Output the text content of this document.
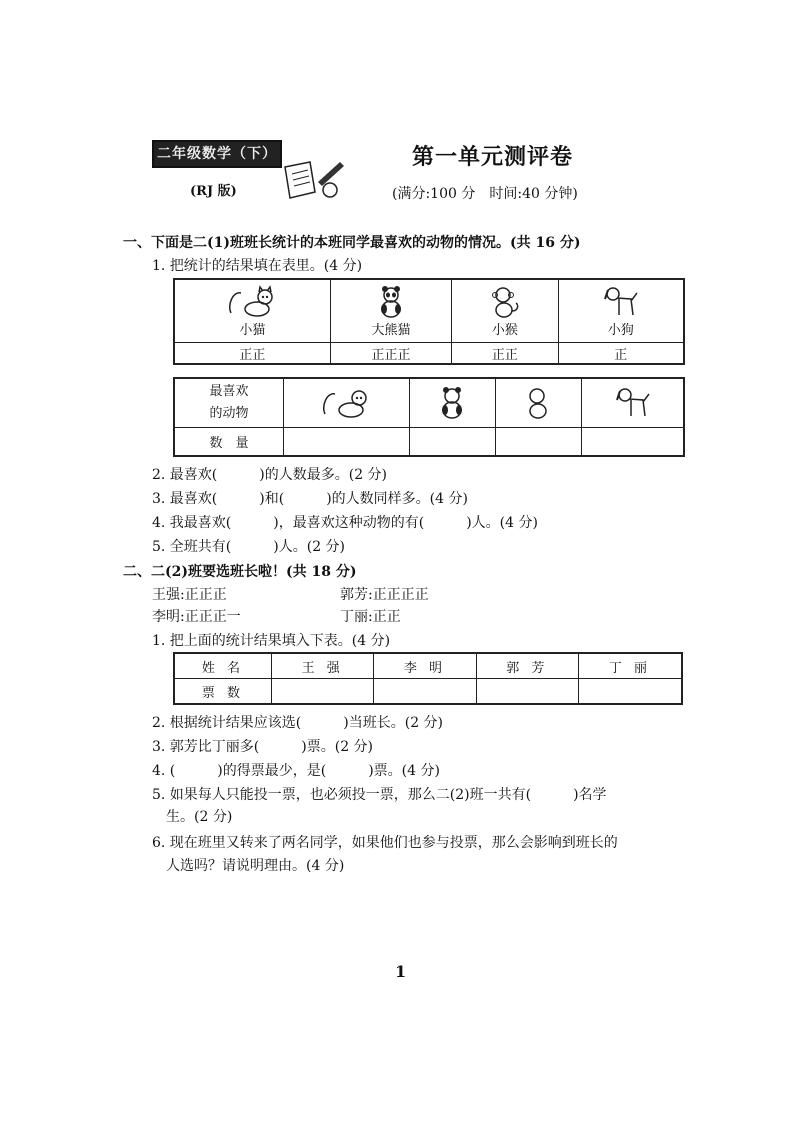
二年级数学（下）
(RJ 版)
第一单元测评卷
(满分:100 分　时间:40 分钟)
一、下面是二(1)班班长统计的本班同学最喜欢的动物的情况。(共 16 分)
1. 把统计的结果填在表里。(4 分)
小猫	大熊猫	小猴	小狗

正正	正正正	正正	正
最喜欢
的动物

数　量				
2. 最喜欢(　　　)的人数最多。(2 分)
3. 最喜欢(　　　)和(　　　)的人数同样多。(4 分)
4. 我最喜欢(　　　)，最喜欢这种动物的有(　　　)人。(4 分)
5. 全班共有(　　　)人。(2 分)
二、二(2)班要选班长啦！(共 18 分)
王强:正正正	郭芳:正正正正
李明:正正正一	丁丽:正正
1. 把上面的统计结果填入下表。(4 分)
姓 名	王 强	李 明	郭 芳	丁 丽
票 数				
2. 根据统计结果应该选(　　　)当班长。(2 分)
3. 郭芳比丁丽多(　　　)票。(2 分)
4. (　　　)的得票最少，是(　　　)票。(4 分)
5. 如果每人只能投一票，也必须投一票，那么二(2)班一共有(　　　)名学
生。(2 分)
6. 现在班里又转来了两名同学，如果他们也参与投票，那么会影响到班长的
人选吗？请说明理由。(4 分)
1
